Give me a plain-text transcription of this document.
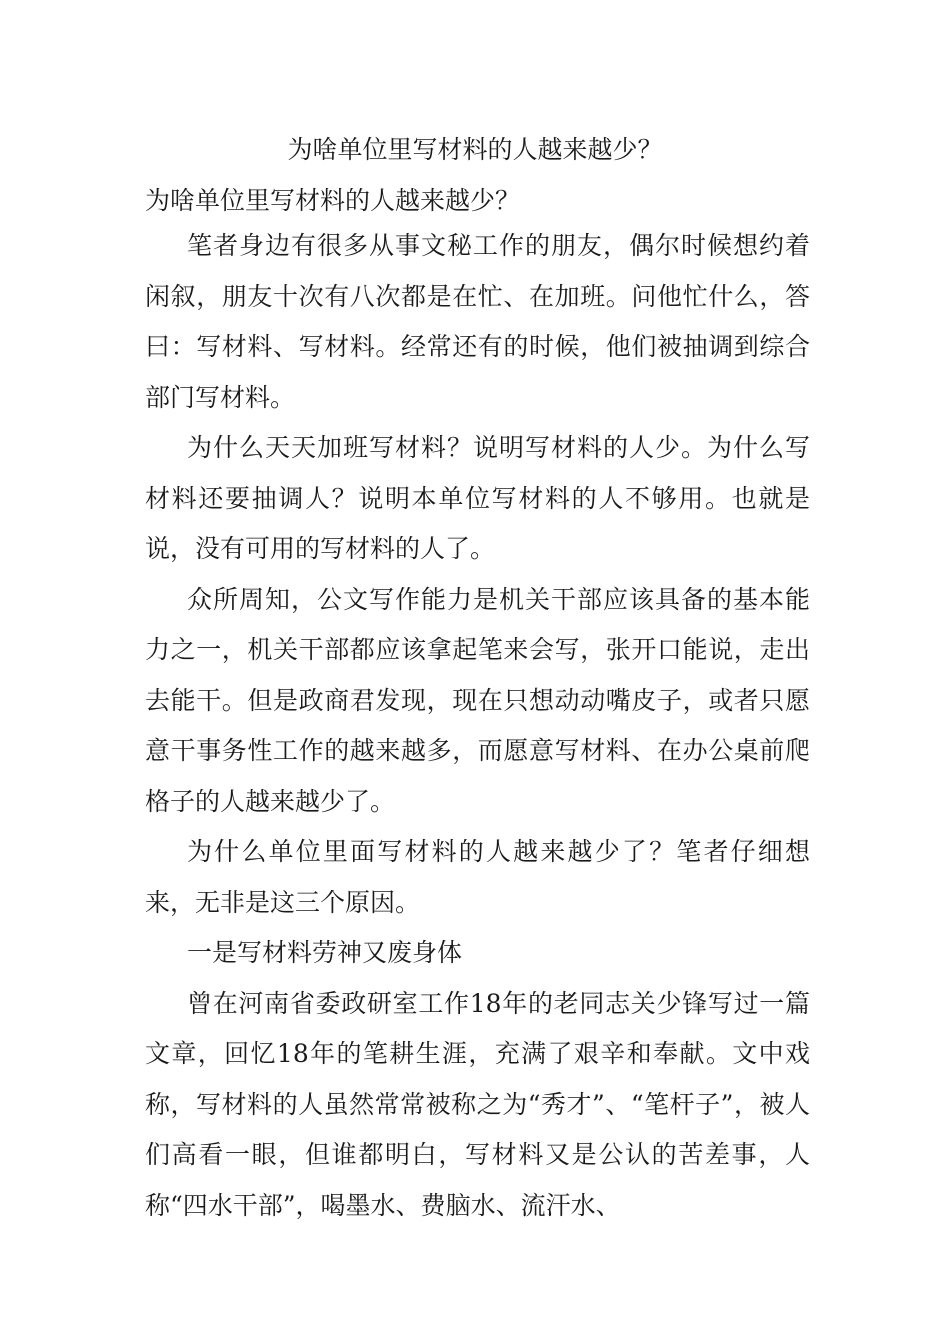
为啥单位里写材料的人越来越少？
为啥单位里写材料的人越来越少？

笔者身边有很多从事文秘工作的朋友，偶尔时候想约着闲叙，朋友十次有八次都是在忙、在加班。问他忙什么，答曰：写材料、写材料。经常还有的时候，他们被抽调到综合部门写材料。

为什么天天加班写材料？说明写材料的人少。为什么写材料还要抽调人？说明本单位写材料的人不够用。也就是说，没有可用的写材料的人了。

众所周知，公文写作能力是机关干部应该具备的基本能力之一，机关干部都应该拿起笔来会写，张开口能说，走出去能干。但是政商君发现，现在只想动动嘴皮子，或者只愿意干事务性工作的越来越多，而愿意写材料、在办公桌前爬格子的人越来越少了。

为什么单位里面写材料的人越来越少了？笔者仔细想来，无非是这三个原因。

一是写材料劳神又废身体

曾在河南省委政研室工作18年的老同志关少锋写过一篇文章，回忆18年的笔耕生涯，充满了艰辛和奉献。文中戏称，写材料的人虽然常常被称之为“秀才”、“笔杆子”，被人们高看一眼，但谁都明白，写材料又是公认的苦差事，人称“四水干部”，喝墨水、费脑水、流汗水、
